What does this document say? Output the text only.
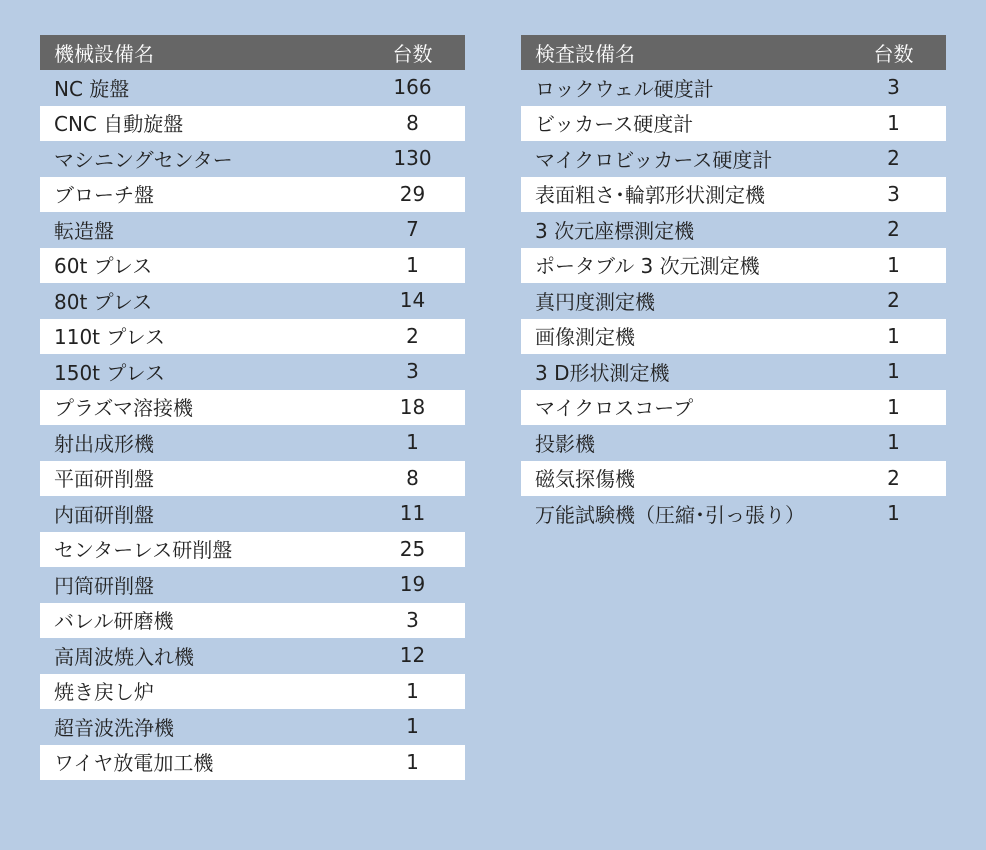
機械設備名	台数
NC 旋盤	166
CNC 自動旋盤	8
マシニングセンター	130
ブローチ盤	29
転造盤	7
60t プレス	1
80t プレス	14
110t プレス	2
150t プレス	3
プラズマ溶接機	18
射出成形機	1
平面研削盤	8
内面研削盤	11
センターレス研削盤	25
円筒研削盤	19
バレル研磨機	3
高周波焼入れ機	12
焼き戻し炉	1
超音波洗浄機	1
ワイヤ放電加工機	1
検査設備名	台数
ロックウェル硬度計	3
ビッカース硬度計	1
マイクロビッカース硬度計	2
表面粗さ･輪郭形状測定機	3
3 次元座標測定機	2
ポータブル 3 次元測定機	1
真円度測定機	2
画像測定機	1
3 D形状測定機	1
マイクロスコープ	1
投影機	1
磁気探傷機	2
万能試験機（圧縮･引っ張り）	1
